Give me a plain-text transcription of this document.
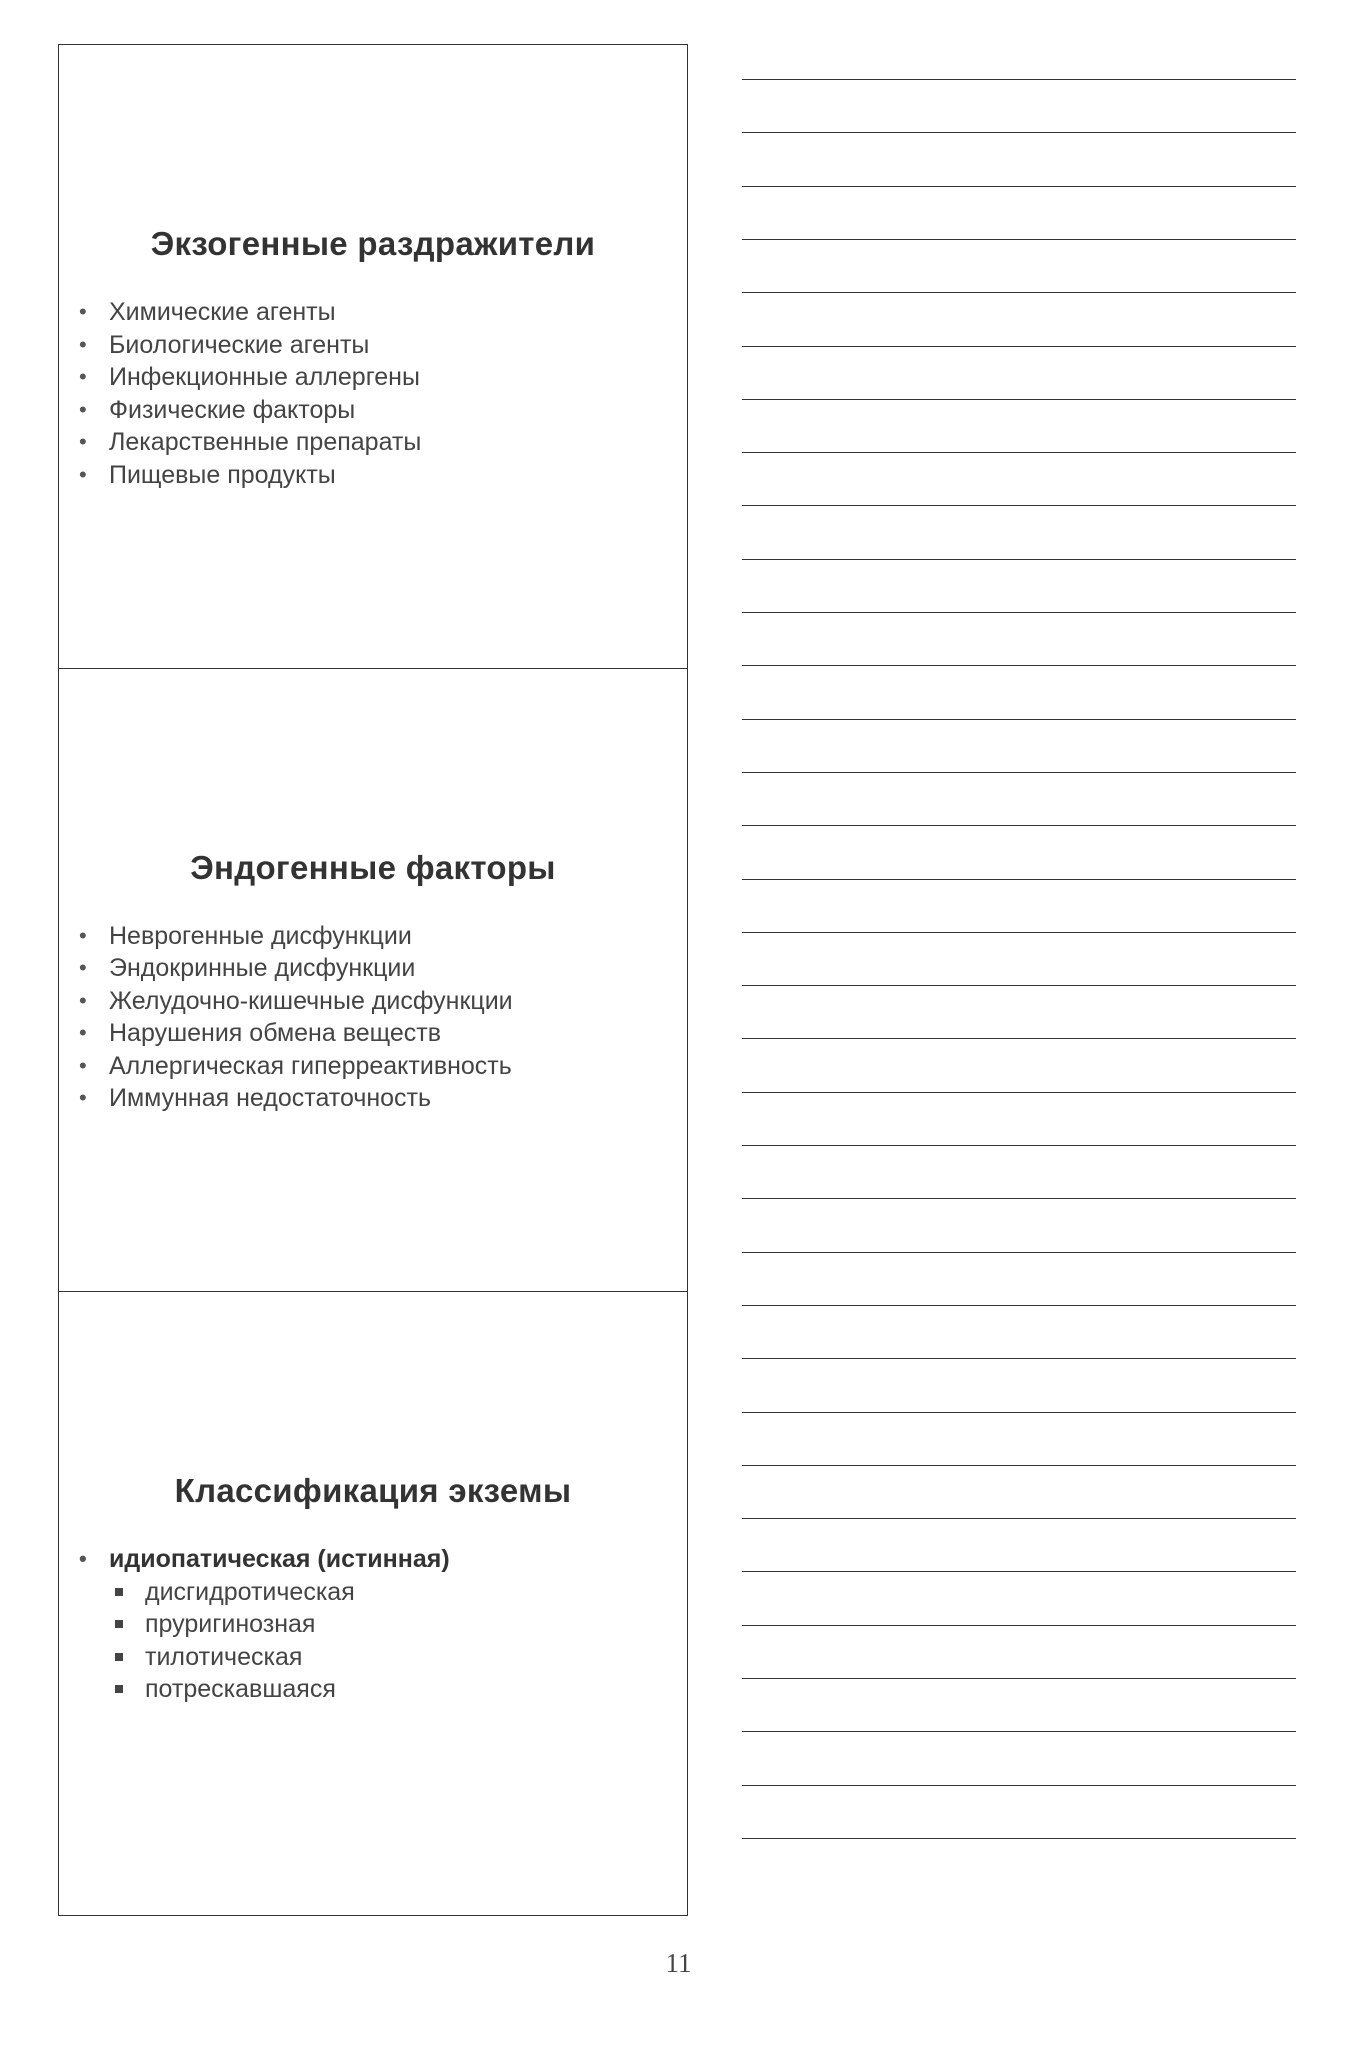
Экзогенные раздражители
• Химические агенты
• Биологические агенты
• Инфекционные аллергены
• Физические факторы
• Лекарственные препараты
• Пищевые продукты
Эндогенные факторы
• Неврогенные дисфункции
• Эндокринные дисфункции
• Желудочно-кишечные дисфункции
• Нарушения обмена веществ
• Аллергическая гиперреактивность
• Иммунная недостаточность
Классификация экземы
• идиопатическая (истинная)
дисгидротическая
пруригинозная
тилотическая
потрескавшаяся
11
